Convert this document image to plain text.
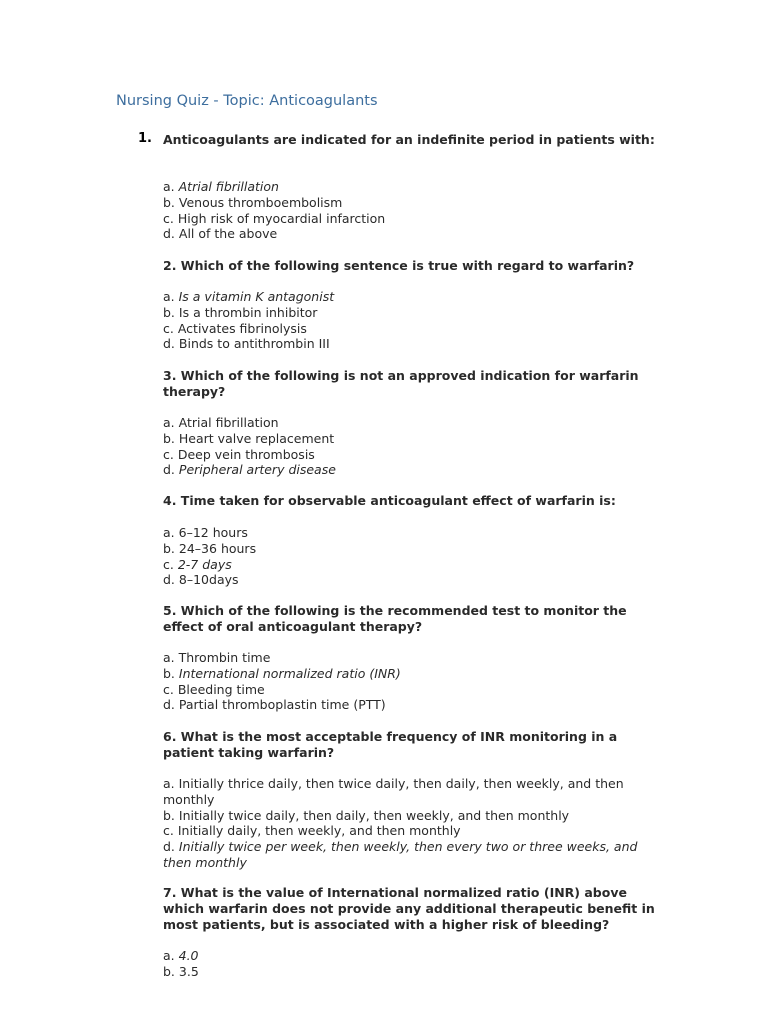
Nursing Quiz - Topic: Anticoagulants
1. Anticoagulants are indicated for an indefinite period in patients with:
a. Atrial fibrillation
b. Venous thromboembolism
c. High risk of myocardial infarction
d. All of the above
2. Which of the following sentence is true with regard to warfarin?
a. Is a vitamin K antagonist
b. Is a thrombin inhibitor
c. Activates fibrinolysis
d. Binds to antithrombin III
3. Which of the following is not an approved indication for warfarin therapy?
a. Atrial fibrillation
b. Heart valve replacement
c. Deep vein thrombosis
d. Peripheral artery disease
4. Time taken for observable anticoagulant effect of warfarin is:
a. 6–12 hours
b. 24–36 hours
c. 2-7 days
d. 8–10days
5. Which of the following is the recommended test to monitor the effect of oral anticoagulant therapy?
a. Thrombin time
b. International normalized ratio (INR)
c. Bleeding time
d. Partial thromboplastin time (PTT)
6. What is the most acceptable frequency of INR monitoring in a patient taking warfarin?
a. Initially thrice daily, then twice daily, then daily, then weekly, and then monthly
b. Initially twice daily, then daily, then weekly, and then monthly
c. Initially daily, then weekly, and then monthly
d. Initially twice per week, then weekly, then every two or three weeks, and then monthly
7. What is the value of International normalized ratio (INR) above which warfarin does not provide any additional therapeutic benefit in most patients, but is associated with a higher risk of bleeding?
a. 4.0
b. 3.5
